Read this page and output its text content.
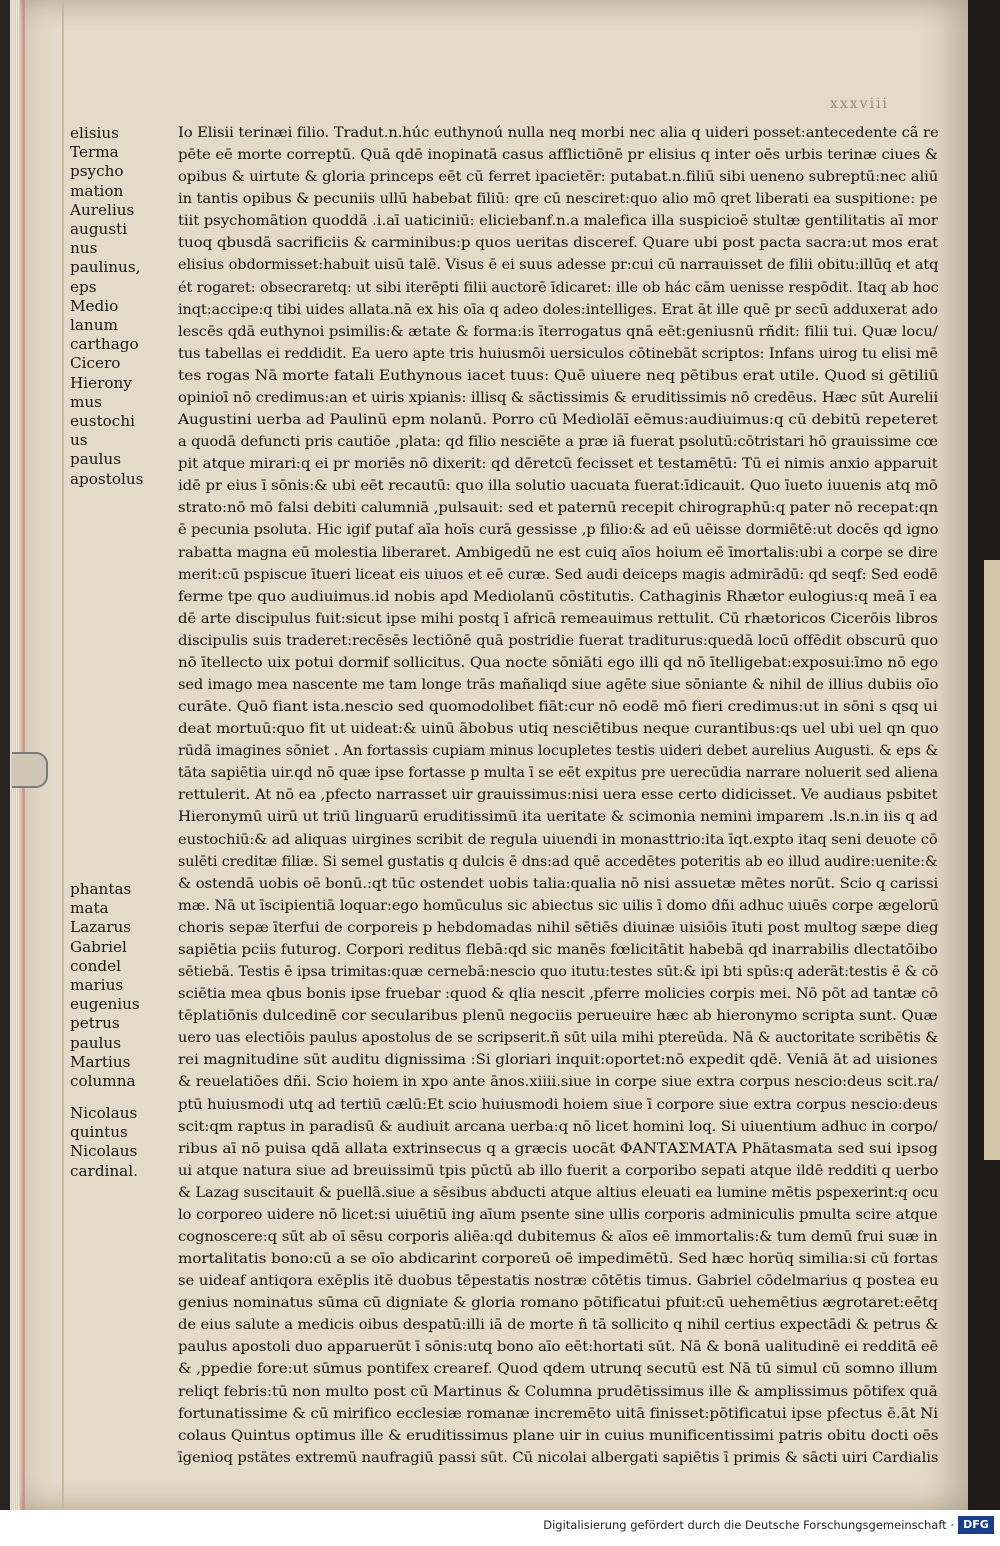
xxxviii
elisius
Terma
psycho
mation
Aurelius
augusti
nus
paulinus,
eps
Medio
lanum
carthago
Cicero
Hierony
mus
eustochi
us
paulus
apostolus
phantas
mata
Lazarus
Gabriel
condel
marius
eugenius
petrus
paulus
Martius
columna
Nicolaus
quintus
Nicolaus
cardinal.
Io Elisii terinæi filio. Tradut.n.húc euthynoú nulla neq morbi nec alia q uideri posset:antecedente cã re
pēte eē morte correptū. Quā qdē inopinatā casus afflictiōnē pr elisius q inter oēs urbis terinæ ciues &
opibus & uirtute & gloria princeps eēt cū ferret ipacietēr: putabat.n.filiū sibi ueneno subreptū:nec aliū
in tantis opibus & pecuniis ullū habebat filiū: qre cū nesciret:quo alio mō qret liberati ea suspitione: pe
tiit psychomātion quoddā .i.aī uaticiniū: eliciebanf.n.a malefica illa suspicioē stultæ gentilitatis aī mor
tuoq qbusdā sacrificiis & carminibus:p quos ueritas disceref. Quare ubi post pacta sacra:ut mos erat
elisius obdormisset:habuit uisū talē. Visus ē ei suus adesse pr:cui cū narrauisset de filii obitu:illūq et atq
ét rogaret: obsecraretq: ut sibi iterēpti filii auctorē īdicaret: ille ob hác cām uenisse respōdit. Itaq ab hoc
inqt:accipe:q tibi uides allata.nā ex his oīa q adeo doles:intelliges. Erat āt ille quē pr secū adduxerat ado
lescēs qdā euthynoi psimilis:& ætate & forma:is īterrogatus qnā eēt:geniusnū rñdit: filii tui. Quæ locu/
tus tabellas ei reddidit. Ea uero apte tris huiusmōi uersiculos cōtinebāt scriptos: Infans uirog tu elisi mē
tes rogas Nā morte fatali Euthynous iacet tuus: Quē uiuere neq pētibus erat utile. Quod si gētiliū
opinioī nō credimus:an et uiris xpianis: illisq & sāctissimis & eruditissimis nō credēus. Hæc sūt Aurelii
Augustini uerba ad Paulinū epm nolanū. Porro cū Mediolāī eēmus:audiuimus:q cū debitū repeteret
a quodā defuncti pris cautiōe ,plata: qd filio nesciēte a præ iā fuerat psolutū:cōtristari hō grauissime cœ
pit atque mirari:q ei pr moriēs nō dixerit: qd dēretcū fecisset et testamētū: Tū ei nimis anxio apparuit
idē pr eius ī sōnis:& ubi eēt recautū: quo illa solutio uacuata fuerat:īdicauit. Quo īueto iuuenis atq mō
strato:nō mō falsi debiti calumniā ,pulsauit: sed et paternū recepit chirographū:q pater nō recepat:qn
ē pecunia psoluta. Hic igif putaf aīa hoīs curā gessisse ,p filio:& ad eū uēisse dormiētē:ut docēs qd igno
rabatta magna eū molestia liberaret. Ambigedū ne est cuiq aīos hoium eē īmortalis:ubi a corpe se dire
merit:cū pspiscue ītueri liceat eis uiuos et eē curæ. Sed audi deiceps magis admirādū: qd seqf: Sed eodē
ferme tpe quo audiuimus.id nobis apd Mediolanū cōstitutis. Cathaginis Rhætor eulogius:q meā ī ea
dē arte discipulus fuit:sicut ipse mihi postq ī africā remeauimus rettulit. Cū rhætoricos Cicerōis libros
discipulis suis traderet:recēsēs lectiōnē quā postridie fuerat traditurus:quedā locū offēdit obscurū quo
nō ītellecto uix potui dormif sollicitus. Qua nocte sōniāti ego illi qd nō ītelligebat:exposui:īmo nō ego
sed imago mea nascente me tam longe trās mañaliqd siue agēte siue sōniante & nihil de illius dubiis oīo
curāte. Quō fiant ista.nescio sed quomodolibet fiāt:cur nō eodē mō fieri credimus:ut in sōni s qsq ui
deat mortuū:quo fit ut uideat:& uinū ābobus utiq nesciētibus neque curantibus:qs uel ubi uel qn quo
rūdā imagines sōniet . An fortassis cupiam minus locupletes testis uideri debet aurelius Augusti. & eps &
tāta sapiētia uir.qd nō quæ ipse fortasse p multa ī se eēt expitus pre uerecūdia narrare noluerit sed aliena
rettulerit. At nō ea ,pfecto narrasset uir grauissimus:nisi uera esse certo didicisset. Ve audiaus psbitet
Hieronymū uirū ut triū linguarū eruditissimū ita ueritate & scimonia nemini imparem .ls.n.in iis q ad
eustochiū:& ad aliquas uirgines scribit de regula uiuendi in monasttrio:ita īqt.expto itaq seni deuote cō
sulēti creditæ filiæ. Si semel gustatis q dulcis ē dns:ad quē accedētes poteritis ab eo illud audire:uenite:&
& ostendā uobis oē bonū.:qt tūc ostendet uobis talia:qualia nō nisi assuetæ mētes norūt. Scio q carissi
mæ. Nā ut īscipientiā loquar:ego homūculus sic abiectus sic uilis ī domo dñi adhuc uiuēs corpe ægelorū
choris sepæ īterfui de corporeis p hebdomadas nihil sētiēs diuinæ uisiōis ītuti post multog sæpe dieg
sapiētia pciis futurog. Corpori reditus flebā:qd sic manēs fœlicitātit habebā qd inarrabilis dlectatōibo
sētiebā. Testis ē ipsa trimitas:quæ cernebā:nescio quo itutu:testes sūt:& ipi bti spūs:q aderāt:testis ē & cō
sciētia mea qbus bonis ipse fruebar :quod & qlia nescit ,pferre molicies corpis mei. Nō pōt ad tantæ cō
tēplatiōnis dulcedinē cor secularibus plenū negociis perueuire hæc ab hieronymo scripta sunt. Quæ
uero uas electiōis paulus apostolus de se scripserit.ñ sūt uila mihi ptereūda. Nā & auctoritate scribētis &
rei magnitudine sūt auditu dignissima :Si gloriari inquit:oportet:nō expedit qdē. Veniā āt ad uisiones
& reuelatiōes dñi. Scio hoiem in xpo ante ānos.xiiii.siue in corpe siue extra corpus nescio:deus scit.ra/
ptū huiusmodi utq ad tertiū cælū:Et scio huiusmodi hoiem siue ī corpore siue extra corpus nescio:deus
scit:qm raptus in paradisū & audiuit arcana uerba:q nō licet homini loq. Si uiuentium adhuc in corpo/
ribus aī nō puisa qdā allata extrinsecus q a græcis uocāt ΦΑΝΤΑΣΜΑΤΑ Phātasmata sed sui ipsog
ui atque natura siue ad breuissimū tpis pūctū ab illo fuerit a corporibo sepati atque ildē redditi q uerbo
& Lazag suscitauit & puellā.siue a sēsibus abducti atque altius eleuati ea lumine mētis pspexerint:q ocu
lo corporeo uidere nō licet:si uiuētiū ing aīum psente sine ullis corporis adminiculis pmulta scire atque
cognoscere:q sūt ab oī sēsu corporis aliēa:qd dubitemus & aīos eē immortalis:& tum demū frui suæ in
mortalitatis bono:cū a se oīo abdicarint corporeū oē impedimētū. Sed hæc horūq similia:si cū fortas
se uideaf antiqora exēplis itē duobus tēpestatis nostræ cōtētis timus. Gabriel cōdelmarius q postea eu
genius nominatus sūma cū digniate & gloria romano pōtificatui pfuit:cū uehemētius ægrotaret:eētq
de eius salute a medicis oibus despatū:illi iā de morte ñ tā sollicito q nihil certius expectādi & petrus &
paulus apostoli duo apparuerūt ī sōnis:utq bono aīo eēt:hortati sūt. Nā & bonā ualitudinē ei redditā eē
& ,ppedie fore:ut sūmus pontifex crearef. Quod qdem utrunq secutū est Nā tū simul cū somno illum
reliqt febris:tū non multo post cū Martinus & Columna prudētissimus ille & amplissimus pōtifex quā
fortunatissime & cū mirifico ecclesiæ romanæ incremēto uitā finisset:pōtificatui ipse pfectus ē.āt Ni
colaus Quintus optimus ille & eruditissimus plane uir in cuius munificentissimi patris obitu docti oēs
īgenioq pstātes extremū naufragiū passi sūt. Cū nicolai albergati sapiētis ī primis & sācti uiri Cardialis
Digitalisierung gefördert durch die Deutsche Forschungsgemeinschaft · DFG
